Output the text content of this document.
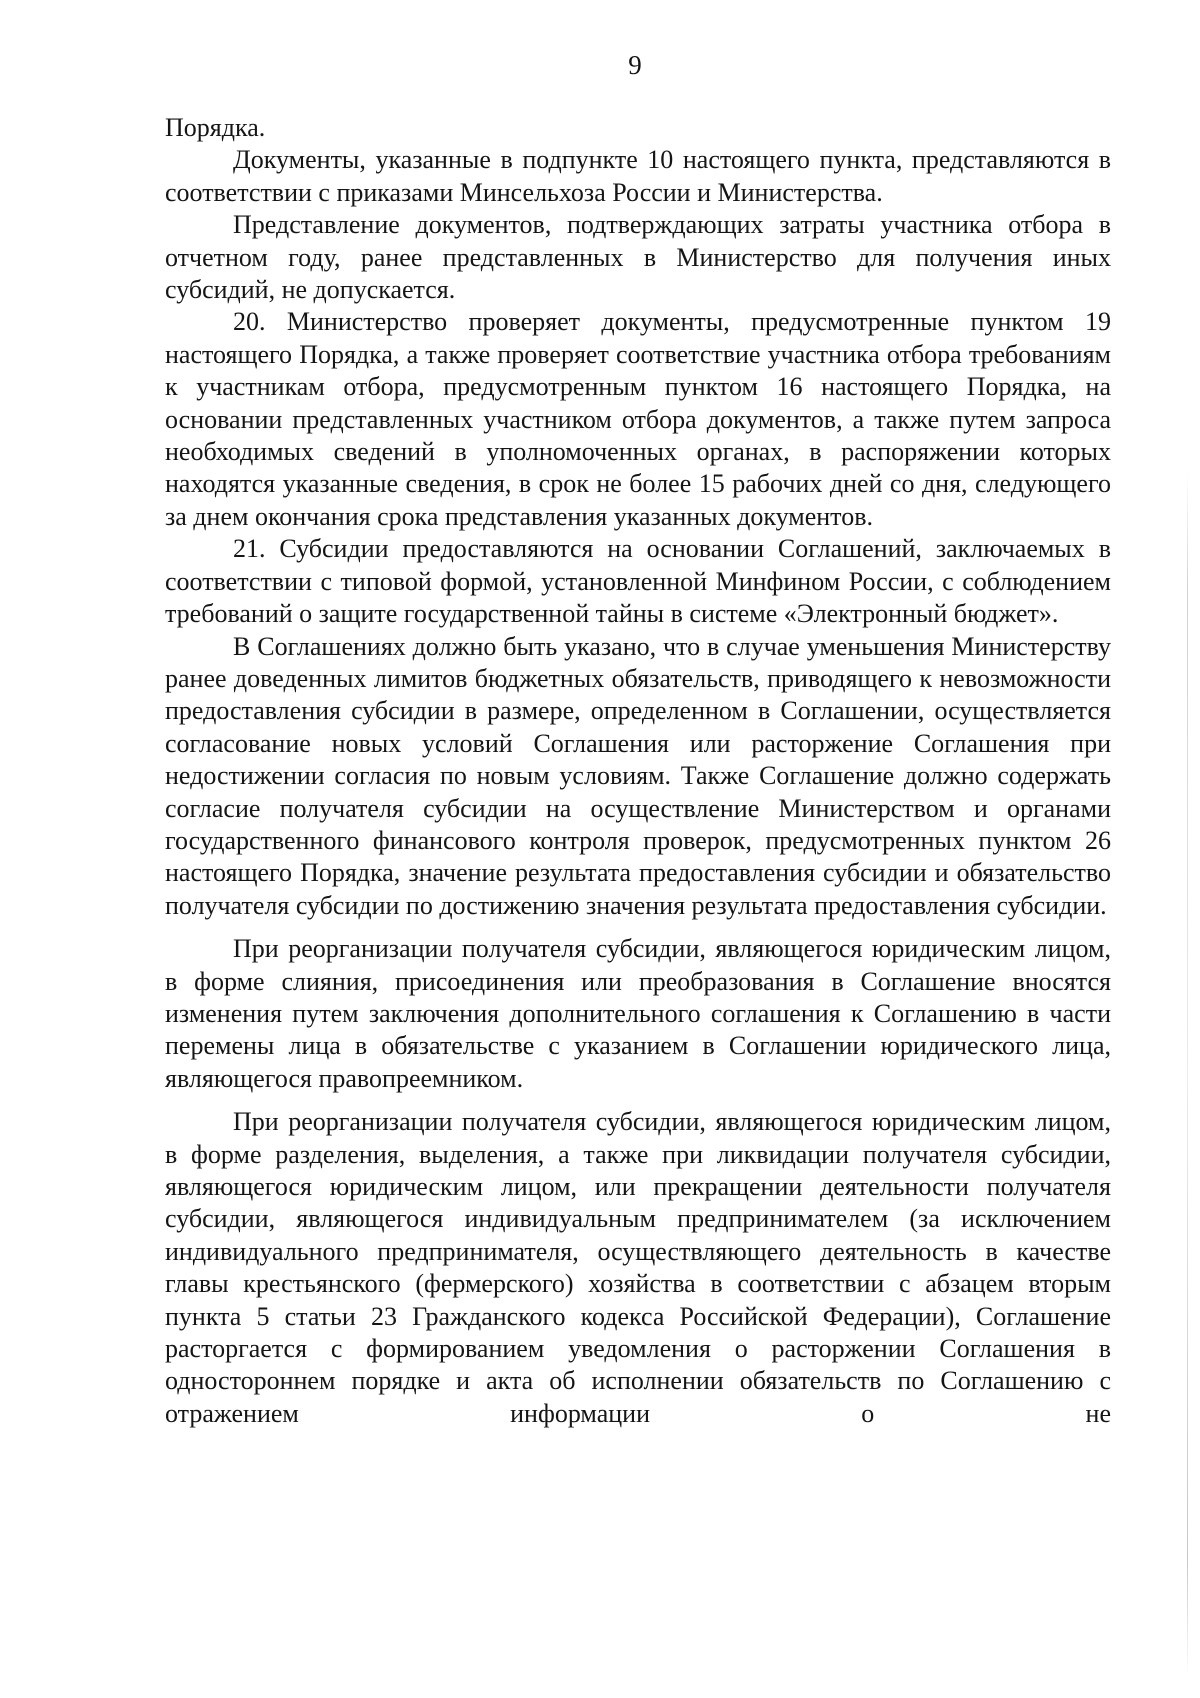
9

Порядка.

Документы, указанные в подпункте 10 настоящего пункта, представляются в соответствии с приказами Минсельхоза России и Министерства.

Представление документов, подтверждающих затраты участника отбора в отчетном году, ранее представленных в Министерство для получения иных субсидий, не допускается.

20. Министерство проверяет документы, предусмотренные пунктом 19 настоящего Порядка, а также проверяет соответствие участника отбора требованиям к участникам отбора, предусмотренным пунктом 16 настоящего Порядка, на основании представленных участником отбора документов, а также путем запроса необходимых сведений в уполномоченных органах, в распоряжении которых находятся указанные сведения, в срок не более 15 рабочих дней со дня, следующего за днем окончания срока представления указанных документов.

21. Субсидии предоставляются на основании Соглашений, заключаемых в соответствии с типовой формой, установленной Минфином России, с соблюдением требований о защите государственной тайны в системе «Электронный бюджет».

В Соглашениях должно быть указано, что в случае уменьшения Министерству ранее доведенных лимитов бюджетных обязательств, приводящего к невозможности предоставления субсидии в размере, определенном в Соглашении, осуществляется согласование новых условий Соглашения или расторжение Соглашения при недостижении согласия по новым условиям. Также Соглашение должно содержать согласие получателя субсидии на осуществление Министерством и органами государственного финансового контроля проверок, предусмотренных пунктом 26 настоящего Порядка, значение результата предоставления субсидии и обязательство получателя субсидии по достижению значения результата предоставления субсидии.

При реорганизации получателя субсидии, являющегося юридическим лицом, в форме слияния, присоединения или преобразования в Соглашение вносятся изменения путем заключения дополнительного соглашения к Соглашению в части перемены лица в обязательстве с указанием в Соглашении юридического лица, являющегося правопреемником.

При реорганизации получателя субсидии, являющегося юридическим лицом, в форме разделения, выделения, а также при ликвидации получателя субсидии, являющегося юридическим лицом, или прекращении деятельности получателя субсидии, являющегося индивидуальным предпринимателем (за исключением индивидуального предпринимателя, осуществляющего деятельность в качестве главы крестьянского (фермерского) хозяйства в соответствии с абзацем вторым пункта 5 статьи 23 Гражданского кодекса Российской Федерации), Соглашение расторгается с формированием уведомления о расторжении Соглашения в одностороннем порядке и акта об исполнении обязательств по Соглашению с отражением информации о не
